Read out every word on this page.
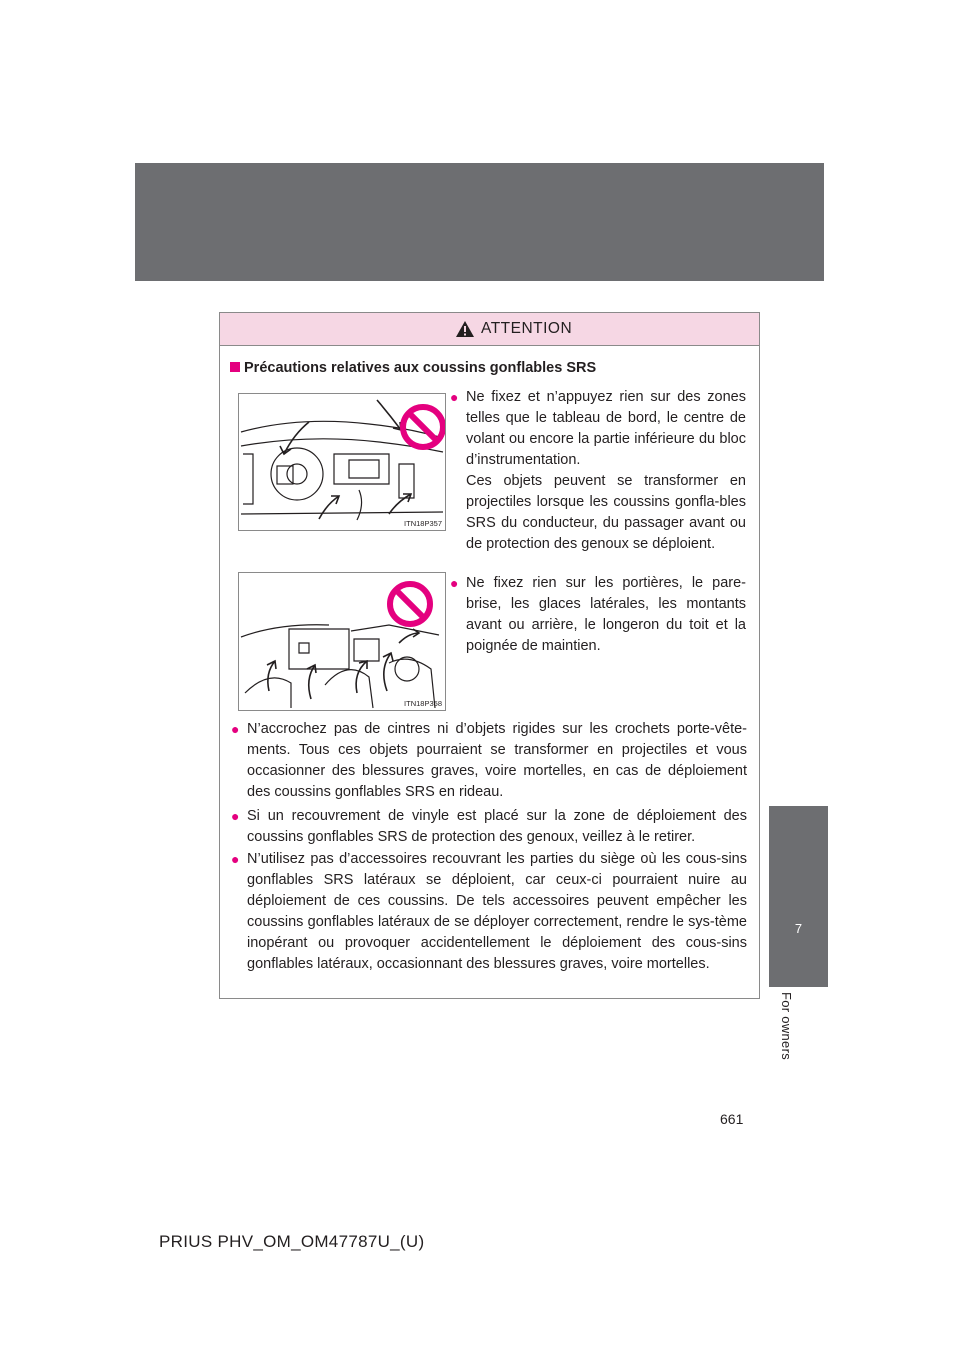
7
For owners
ATTENTION
Précautions relatives aux coussins gonflables SRS
ITN18P357
ITN18P358
● Ne fixez et n’appuyez rien sur des zones telles que le tableau de bord, le centre de volant ou encore la partie inférieure du bloc d’instrumentation.

Ces objets peuvent se transformer en projectiles lorsque les coussins gonfla-bles SRS du conducteur, du passager avant ou de protection des genoux se déploient.

● Ne fixez rien sur les portières, le pare-brise, les glaces latérales, les montants avant ou arrière, le longeron du toit et la poignée de maintien.

● N’accrochez pas de cintres ni d’objets rigides sur les crochets porte-vête-ments. Tous ces objets pourraient se transformer en projectiles et vous occasionner des blessures graves, voire mortelles, en cas de déploiement des coussins gonflables SRS en rideau.

● Si un recouvrement de vinyle est placé sur la zone de déploiement des coussins gonflables SRS de protection des genoux, veillez à le retirer.

● N’utilisez pas d’accessoires recouvrant les parties du siège où les cous-sins gonflables SRS latéraux se déploient, car ceux-ci pourraient nuire au déploiement de ces coussins. De tels accessoires peuvent empêcher les coussins gonflables latéraux de se déployer correctement, rendre le sys-tème inopérant ou provoquer accidentellement le déploiement des cous-sins gonflables latéraux, occasionnant des blessures graves, voire mortelles.

661
PRIUS PHV_OM_OM47787U_(U)
